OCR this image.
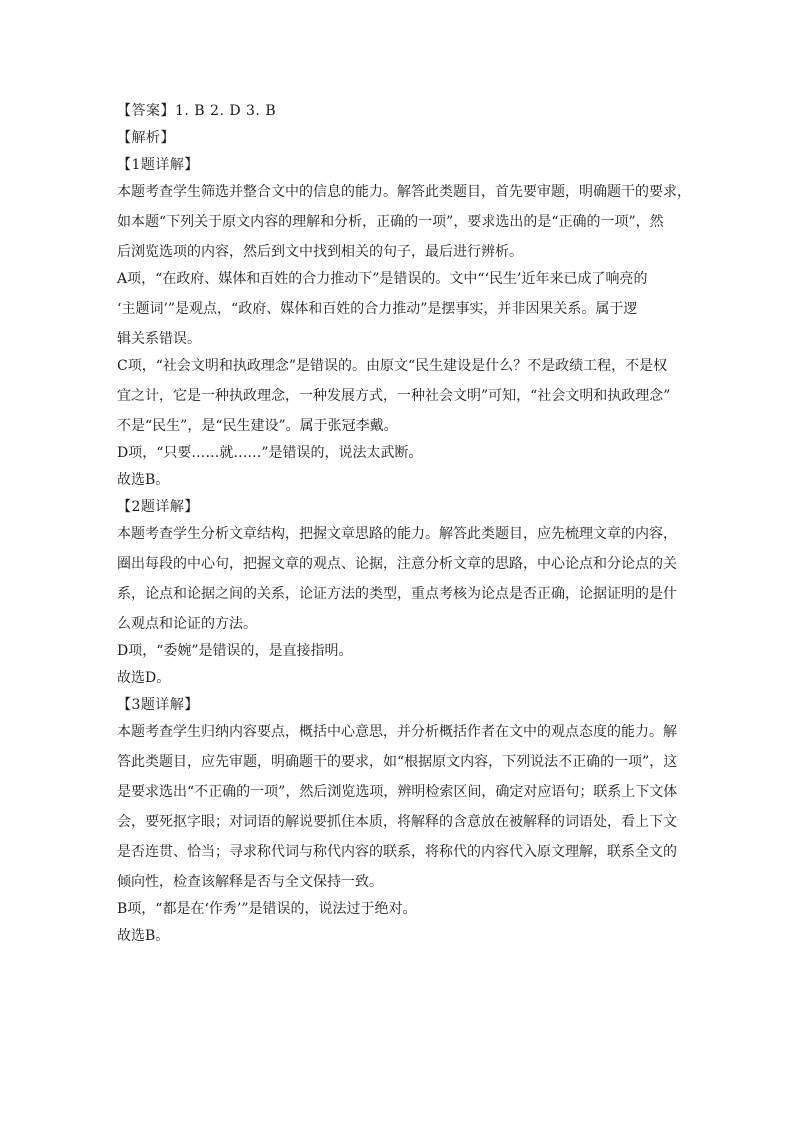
【答案】1. B 2. D 3. B

【解析】

【1题详解】

本题考查学生筛选并整合文中的信息的能力。解答此类题目，首先要审题，明确题干的要求，

如本题“下列关于原文内容的理解和分析，正确的一项”，要求选出的是“正确的一项”，然

后浏览选项的内容，然后到文中找到相关的句子，最后进行辨析。

A项，“在政府、媒体和百姓的合力推动下”是错误的。文中“‘民生’近年来已成了响亮的

‘主题词’”是观点，“政府、媒体和百姓的合力推动”是摆事实，并非因果关系。属于逻

辑关系错误。

C项，“社会文明和执政理念”是错误的。由原文“民生建设是什么？不是政绩工程，不是权

宜之计，它是一种执政理念，一种发展方式，一种社会文明”可知，“社会文明和执政理念”

不是“民生”，是“民生建设”。属于张冠李戴。

D项，“只要……就……”是错误的，说法太武断。

故选B。

【2题详解】

本题考查学生分析文章结构，把握文章思路的能力。解答此类题目，应先梳理文章的内容，

圈出每段的中心句，把握文章的观点、论据，注意分析文章的思路，中心论点和分论点的关

系，论点和论据之间的关系，论证方法的类型，重点考核为论点是否正确，论据证明的是什

么观点和论证的方法。

D项，“委婉”是错误的，是直接指明。

故选D。

【3题详解】

本题考查学生归纳内容要点，概括中心意思，并分析概括作者在文中的观点态度的能力。解

答此类题目，应先审题，明确题干的要求，如“根据原文内容，下列说法不正确的一项”，这

是要求选出“不正确的一项”，然后浏览选项，辨明检索区间，确定对应语句；联系上下文体

会，要死抠字眼；对词语的解说要抓住本质，将解释的含意放在被解释的词语处，看上下文

是否连贯、恰当；寻求称代词与称代内容的联系，将称代的内容代入原文理解，联系全文的

倾向性，检查该解释是否与全文保持一致。

B项，“都是在‘作秀’”是错误的，说法过于绝对。

故选B。
